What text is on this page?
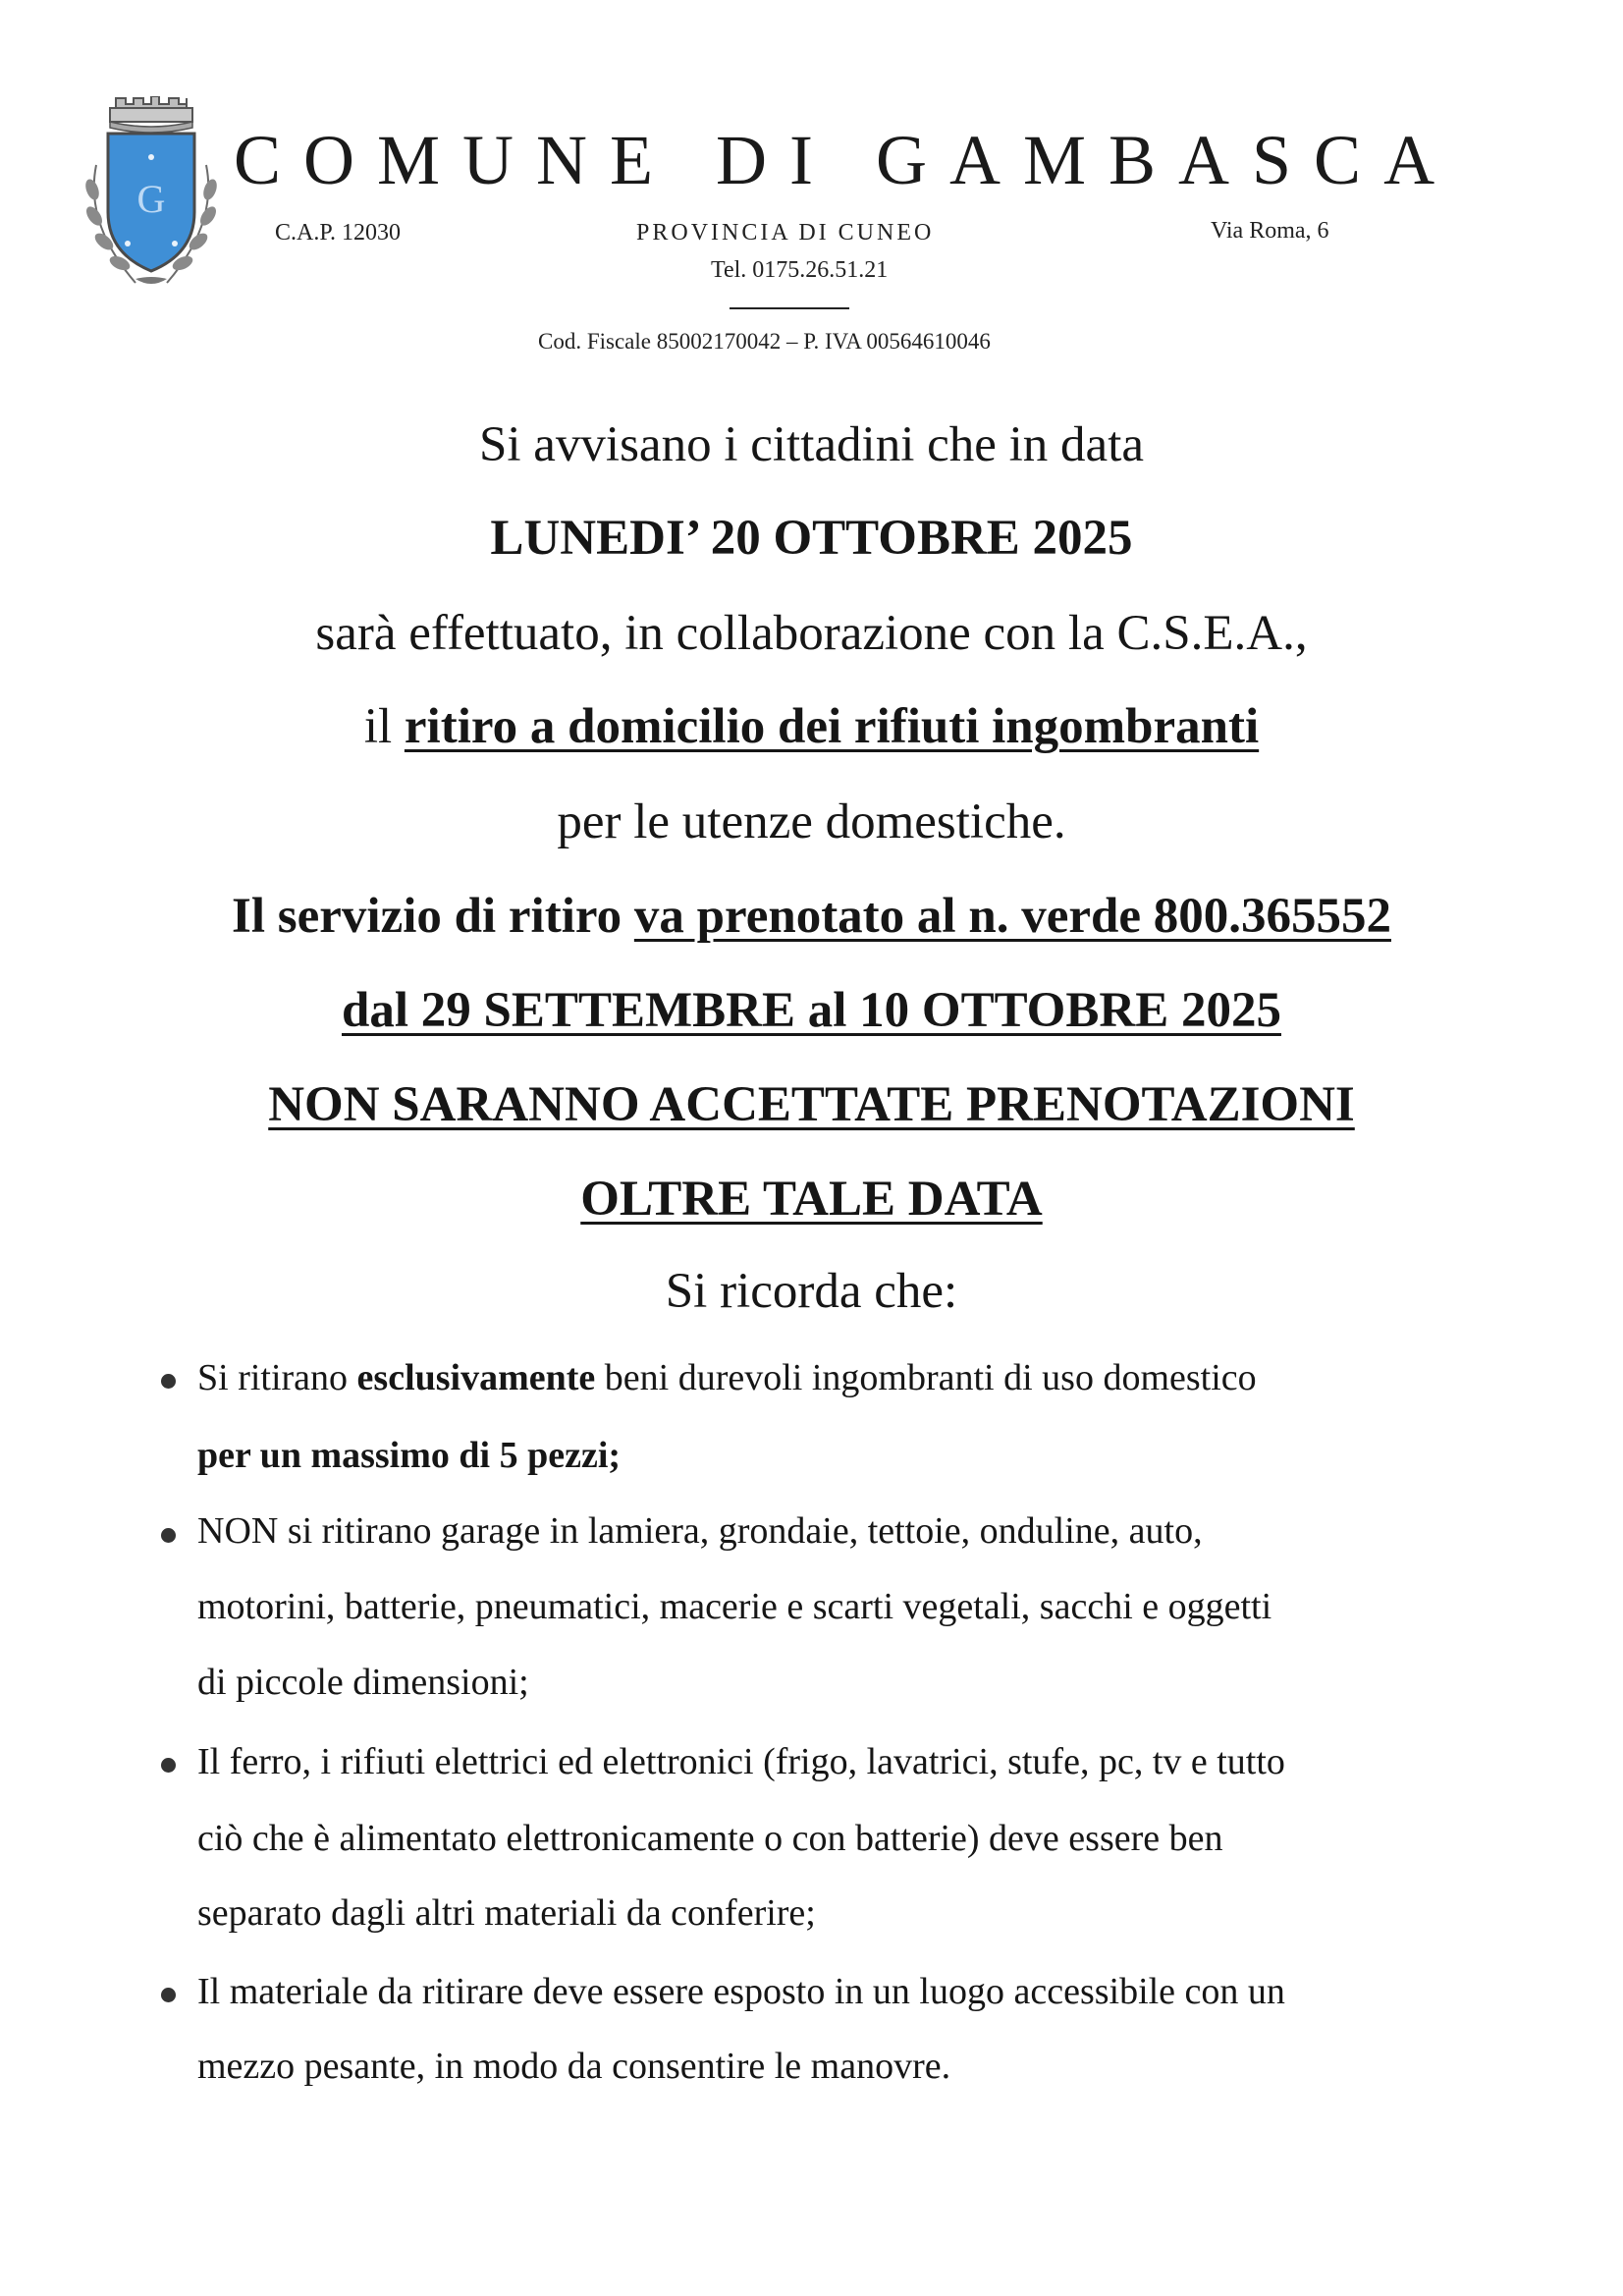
G COMUNE DI GAMBASCA
C.A.P. 12030	PROVINCIA DI CUNEO	Via Roma, 6
Tel. 0175.26.51.21
Cod. Fiscale 85002170042 – P. IVA 00564610046
Si avvisano i cittadini che in data
LUNEDI’ 20 OTTOBRE 2025
sarà effettuato, in collaborazione con la C.S.E.A.,
il ritiro a domicilio dei rifiuti ingombranti
per le utenze domestiche.
Il servizio di ritiro va prenotato al n. verde 800.365552
dal 29 SETTEMBRE al 10 OTTOBRE 2025
NON SARANNO ACCETTATE PRENOTAZIONI
OLTRE TALE DATA
Si ricorda che:
Si ritirano esclusivamente beni durevoli ingombranti di uso domestico
per un massimo di 5 pezzi;
NON si ritirano garage in lamiera, grondaie, tettoie, onduline, auto,
motorini, batterie, pneumatici, macerie e scarti vegetali, sacchi e oggetti
di piccole dimensioni;
Il ferro, i rifiuti elettrici ed elettronici (frigo, lavatrici, stufe, pc, tv e tutto
ciò che è alimentato elettronicamente o con batterie) deve essere ben
separato dagli altri materiali da conferire;
Il materiale da ritirare deve essere esposto in un luogo accessibile con un
mezzo pesante, in modo da consentire le manovre.
